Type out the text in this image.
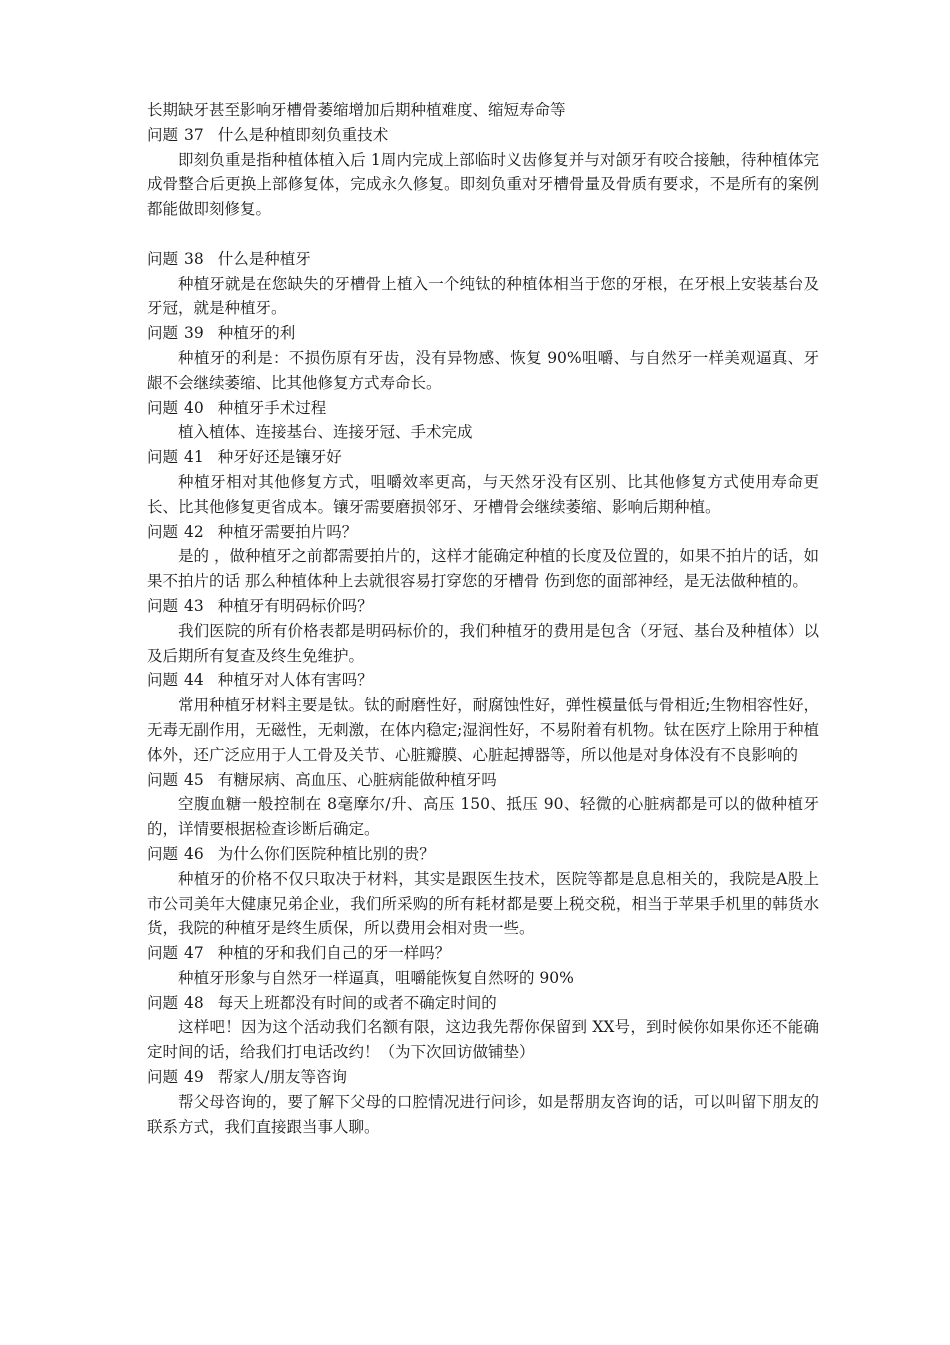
长期缺牙甚至影响牙槽骨萎缩增加后期种植难度、缩短寿命等
问题 37 什么是种植即刻负重技术
即刻负重是指种植体植入后 1周内完成上部临时义齿修复并与对颌牙有咬合接触，待种植体完成骨整合后更换上部修复体，完成永久修复。即刻负重对牙槽骨量及骨质有要求，不是所有的案例都能做即刻修复。
问题 38 什么是种植牙
种植牙就是在您缺失的牙槽骨上植入一个纯钛的种植体相当于您的牙根，在牙根上安装基台及牙冠，就是种植牙。
问题 39 种植牙的利
种植牙的利是：不损伤原有牙齿，没有异物感、恢复 90%咀嚼、与自然牙一样美观逼真、牙龈不会继续萎缩、比其他修复方式寿命长。
问题 40 种植牙手术过程
植入植体、连接基台、连接牙冠、手术完成
问题 41 种牙好还是镶牙好
种植牙相对其他修复方式，咀嚼效率更高，与天然牙没有区别、比其他修复方式使用寿命更长、比其他修复更省成本。镶牙需要磨损邻牙、牙槽骨会继续萎缩、影响后期种植。
问题 42 种植牙需要拍片吗？
是的 ，做种植牙之前都需要拍片的，这样才能确定种植的长度及位置的，如果不拍片的话，如果不拍片的话 那么种植体种上去就很容易打穿您的牙槽骨 伤到您的面部神经，是无法做种植的。
问题 43 种植牙有明码标价吗？
我们医院的所有价格表都是明码标价的，我们种植牙的费用是包含（牙冠、基台及种植体）以及后期所有复查及终生免维护。
问题 44 种植牙对人体有害吗？
常用种植牙材料主要是钛。钛的耐磨性好，耐腐蚀性好，弹性模量低与骨相近;生物相容性好，无毒无副作用，无磁性，无刺激，在体内稳定;湿润性好，不易附着有机物。钛在医疗上除用于种植体外，还广泛应用于人工骨及关节、心脏瓣膜、心脏起搏器等，所以他是对身体没有不良影响的
问题 45 有糖尿病、高血压、心脏病能做种植牙吗
空腹血糖一般控制在 8毫摩尔/升、高压 150、抵压 90、轻微的心脏病都是可以的做种植牙的，详情要根据检查诊断后确定。
问题 46 为什么你们医院种植比别的贵？
种植牙的价格不仅只取决于材料，其实是跟医生技术，医院等都是息息相关的，我院是A股上市公司美年大健康兄弟企业，我们所采购的所有耗材都是要上税交税，相当于苹果手机里的韩货水货，我院的种植牙是终生质保，所以费用会相对贵一些。
问题 47 种植的牙和我们自己的牙一样吗？
种植牙形象与自然牙一样逼真，咀嚼能恢复自然呀的 90%
问题 48 每天上班都没有时间的或者不确定时间的
这样吧！因为这个活动我们名额有限，这边我先帮你保留到 XX号，到时候你如果你还不能确定时间的话，给我们打电话改约！（为下次回访做铺垫）
问题 49 帮家人/朋友等咨询
帮父母咨询的，要了解下父母的口腔情况进行问诊，如是帮朋友咨询的话，可以叫留下朋友的联系方式，我们直接跟当事人聊。
